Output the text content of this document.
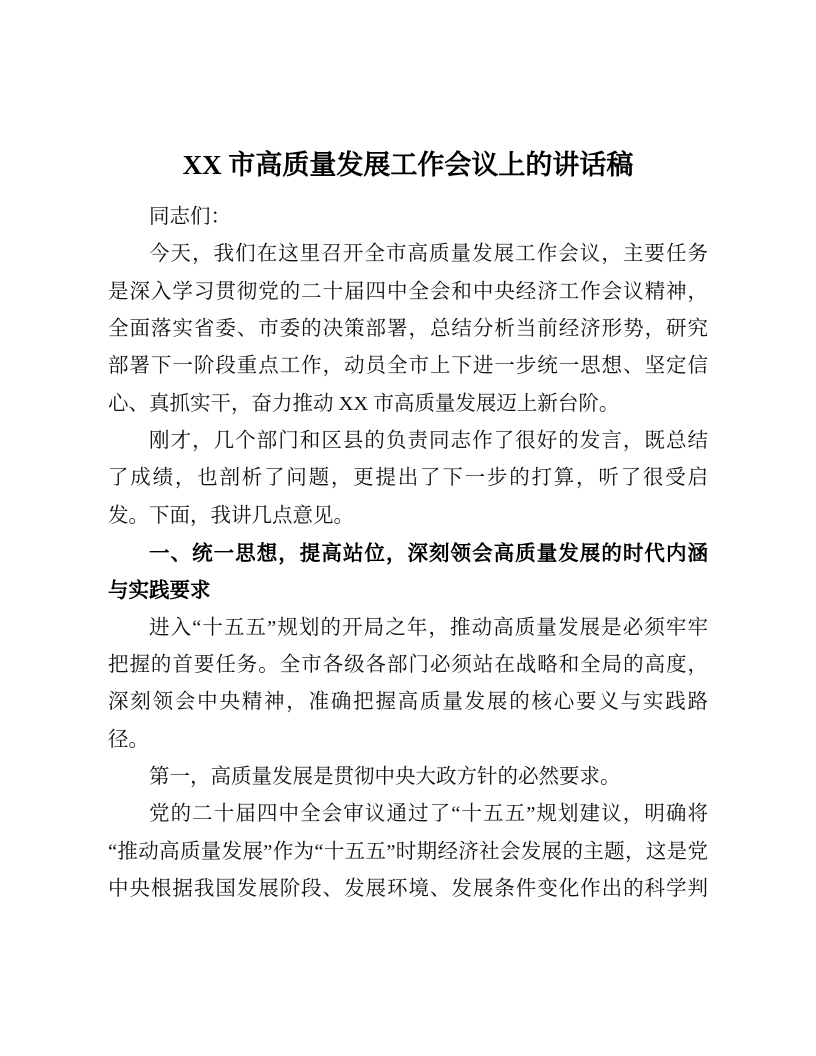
XX 市高质量发展工作会议上的讲话稿
同志们：
今天，我们在这里召开全市高质量发展工作会议，主要任务
是深入学习贯彻党的二十届四中全会和中央经济工作会议精神，
全面落实省委、市委的决策部署，总结分析当前经济形势，研究
部署下一阶段重点工作，动员全市上下进一步统一思想、坚定信
心、真抓实干，奋力推动 XX 市高质量发展迈上新台阶。
刚才，几个部门和区县的负责同志作了很好的发言，既总结
了成绩，也剖析了问题，更提出了下一步的打算，听了很受启
发。下面，我讲几点意见。
一、统一思想，提高站位，深刻领会高质量发展的时代内涵
与实践要求
进入“十五五”规划的开局之年，推动高质量发展是必须牢牢
把握的首要任务。全市各级各部门必须站在战略和全局的高度，
深刻领会中央精神，准确把握高质量发展的核心要义与实践路
径。
第一，高质量发展是贯彻中央大政方针的必然要求。
党的二十届四中全会审议通过了“十五五”规划建议，明确将
“推动高质量发展”作为“十五五”时期经济社会发展的主题，这是党
中央根据我国发展阶段、发展环境、发展条件变化作出的科学判
